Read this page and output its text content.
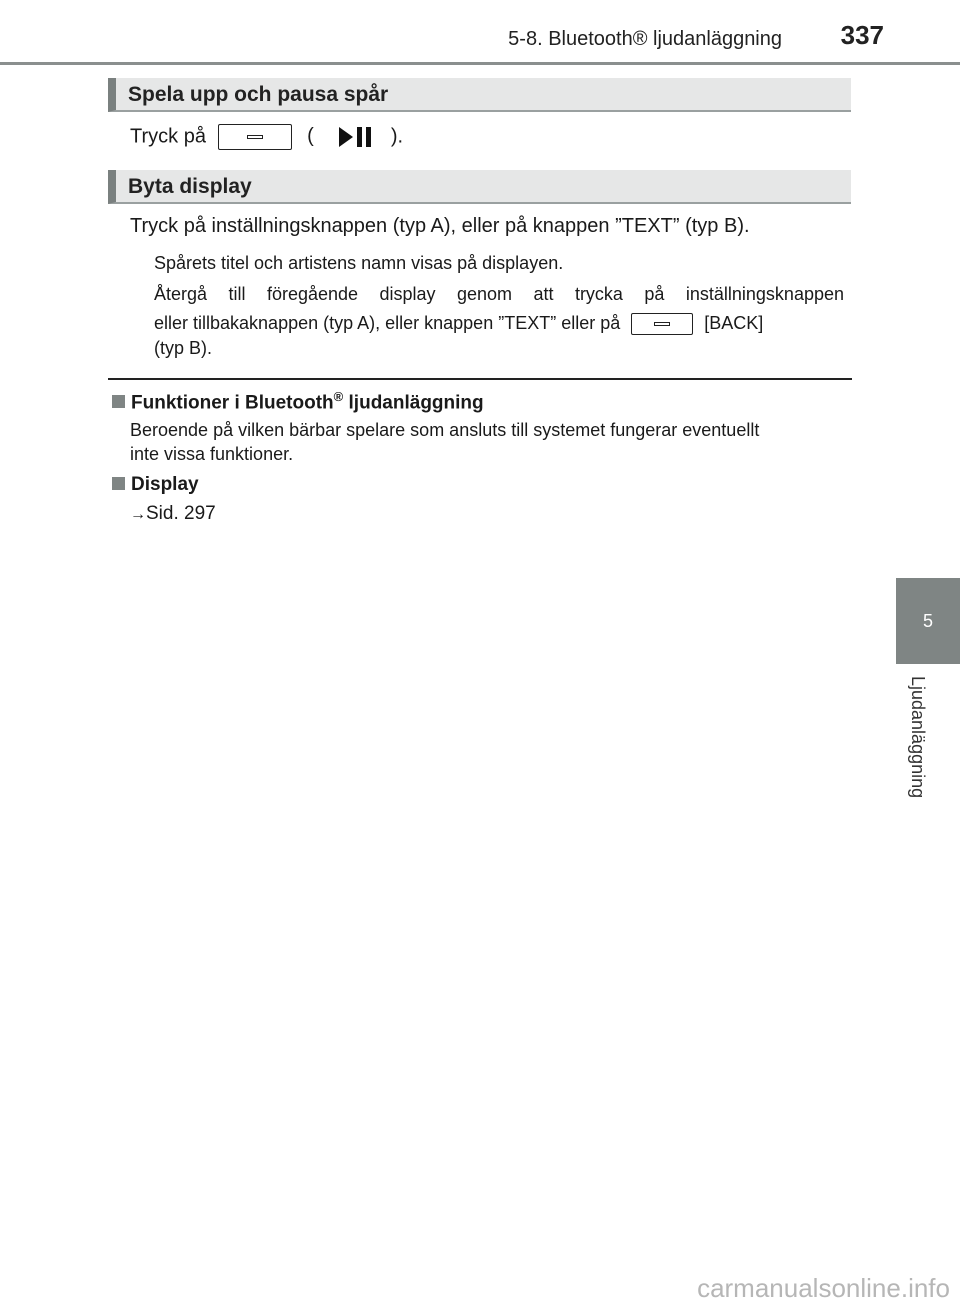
5-8. Bluetooth® ljudanläggning 337
5
Ljudanläggning
Spela upp och pausa spår
Tryck på	(	).
Byta display
Tryck på inställningsknappen (typ A), eller på knappen ”TEXT” (typ B).
Spårets titel och artistens namn visas på displayen.
Återgå till föregående display genom att trycka på inställningsknappen
eller tillbakaknappen (typ A), eller knappen ”TEXT” eller på	[BACK]
(typ B).
Funktioner i Bluetooth® ljudanläggning
Beroende på vilken bärbar spelare som ansluts till systemet fungerar eventuellt
inte vissa funktioner.
Display
→Sid. 297
carmanualsonline.info
